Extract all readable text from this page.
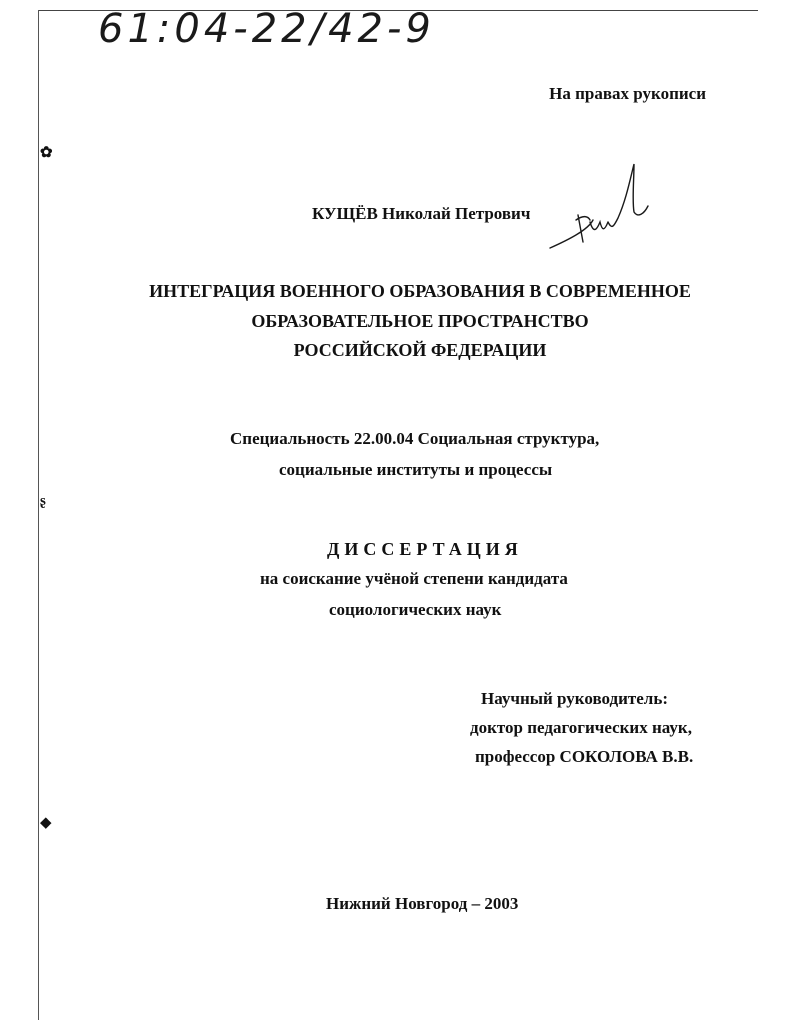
61:04-22/42-9
✿
ʂ
◆
На правах рукописи
КУЩЁВ Николай Петрович
ИНТЕГРАЦИЯ ВОЕННОГО ОБРАЗОВАНИЯ В СОВРЕМЕННОЕ
ОБРАЗОВАТЕЛЬНОЕ ПРОСТРАНСТВО
РОССИЙСКОЙ ФЕДЕРАЦИИ
Специальность 22.00.04 Социальная структура,
социальные институты и процессы
ДИССЕРТАЦИЯ
на соискание учёной степени кандидата
социологических наук
Научный руководитель:
доктор педагогических наук,
профессор СОКОЛОВА В.В.
Нижний Новгород – 2003
